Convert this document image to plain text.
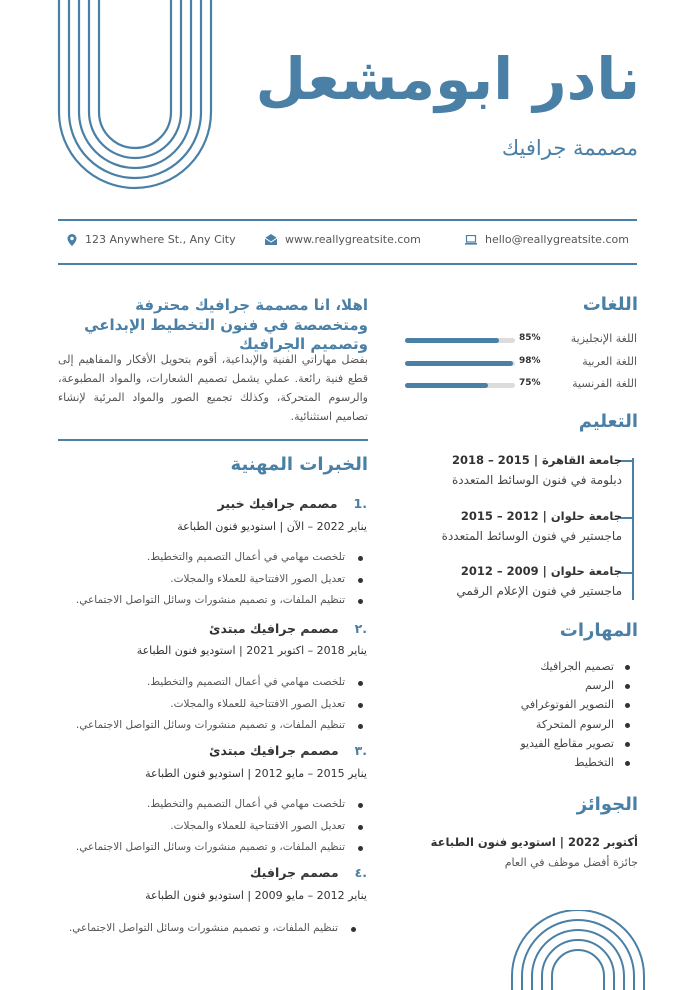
نادر ابومشعل
مصممة جرافيك
123 Anywhere St., Any City	www.reallygreatsite.com	hello@reallygreatsite.com
اللغات
85%	اللغة الإنجليزية
98%	اللغة العربية
75%	اللغة الفرنسية
التعليم
جامعة القاهرة | 2015 – 2018
دبلومة في فنون الوسائط المتعددة
جامعة حلوان | 2012 – 2015
ماجستير في فنون الوسائط المتعددة
جامعة حلوان | 2009 – 2012
ماجستير في فنون الإعلام الرقمي
المهارات
تصميم الجرافيك
الرسم
التصوير الفوتوغرافي
الرسوم المتحركة
تصوير مقاطع الفيديو
التخطيط
الجوائز
أكتوبر 2022 | استوديو فنون الطباعة
جائزة أفضل موظف في العام
اهلا، انا مصممة جرافيك محترفة ومتخصصة في فنون التخطيط الإبداعي وتصميم الجرافيك
بفضل مهاراتي الفنية والإبداعية، أقوم بتحويل الأفكار والمفاهيم إلى قطع فنية رائعة. عملي يشمل تصميم الشعارات، والمواد المطبوعة، والرسوم المتحركة، وكذلك تجميع الصور والمواد المرئية لإنشاء تصاميم استثنائية.
الخبرات المهنية
.1مصمم جرافيك خبير
يناير 2022 – الآن | استوديو فنون الطباعة
تلخصت مهامي في أعمال التصميم والتخطيط.
تعديل الصور الافتتاحية للعملاء والمجلات.
تنظيم الملفات، و تصميم منشورات وسائل التواصل الاجتماعي.
.٢مصمم جرافيك مبتدئ
يناير 2018 – اكتوبر 2021 | استوديو فنون الطباعة
تلخصت مهامي في أعمال التصميم والتخطيط.
تعديل الصور الافتتاحية للعملاء والمجلات.
تنظيم الملفات، و تصميم منشورات وسائل التواصل الاجتماعي.
.٣مصمم جرافيك مبتدئ
يناير 2015 – مايو 2012 | استوديو فنون الطباعة
تلخصت مهامي في أعمال التصميم والتخطيط.
تعديل الصور الافتتاحية للعملاء والمجلات.
تنظيم الملفات، و تصميم منشورات وسائل التواصل الاجتماعي.
.٤مصمم جرافيك
يناير 2012 – مايو 2009 | استوديو فنون الطباعة
تنظيم الملفات، و تصميم منشورات وسائل التواصل الاجتماعي.
